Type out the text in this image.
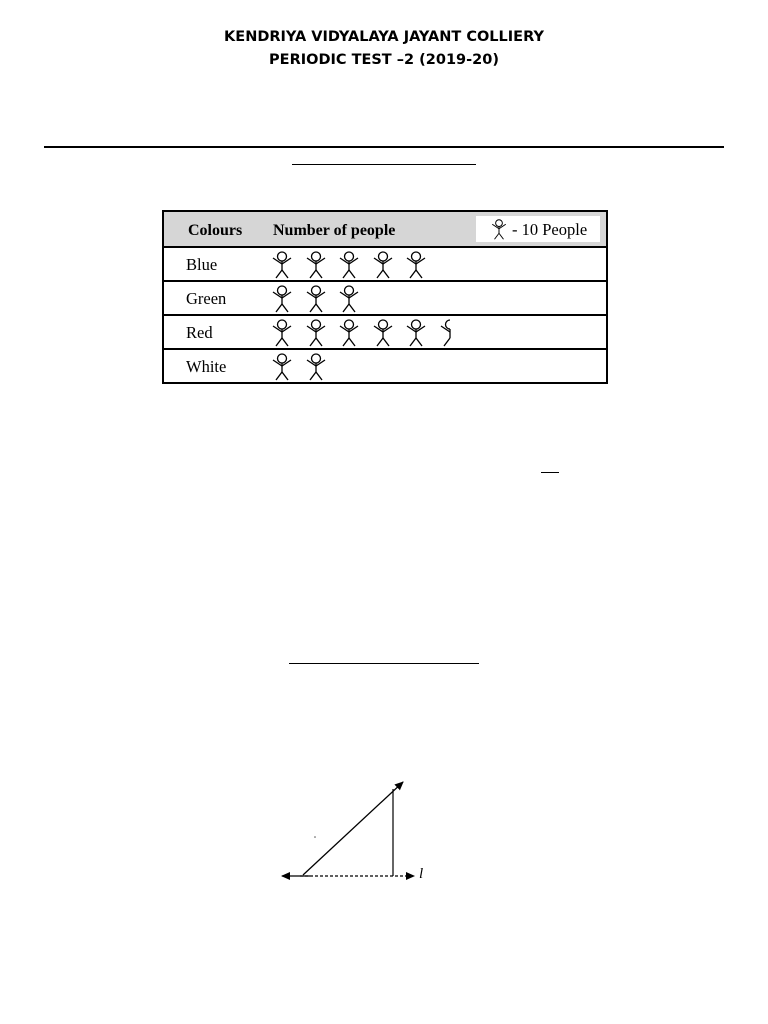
KENDRIYA VIDYALAYA JAYANT COLLIERY
PERIODIC TEST –2 (2019-20)
Colours Number of people	- 10 People
Blue
Green
Red
White
l
